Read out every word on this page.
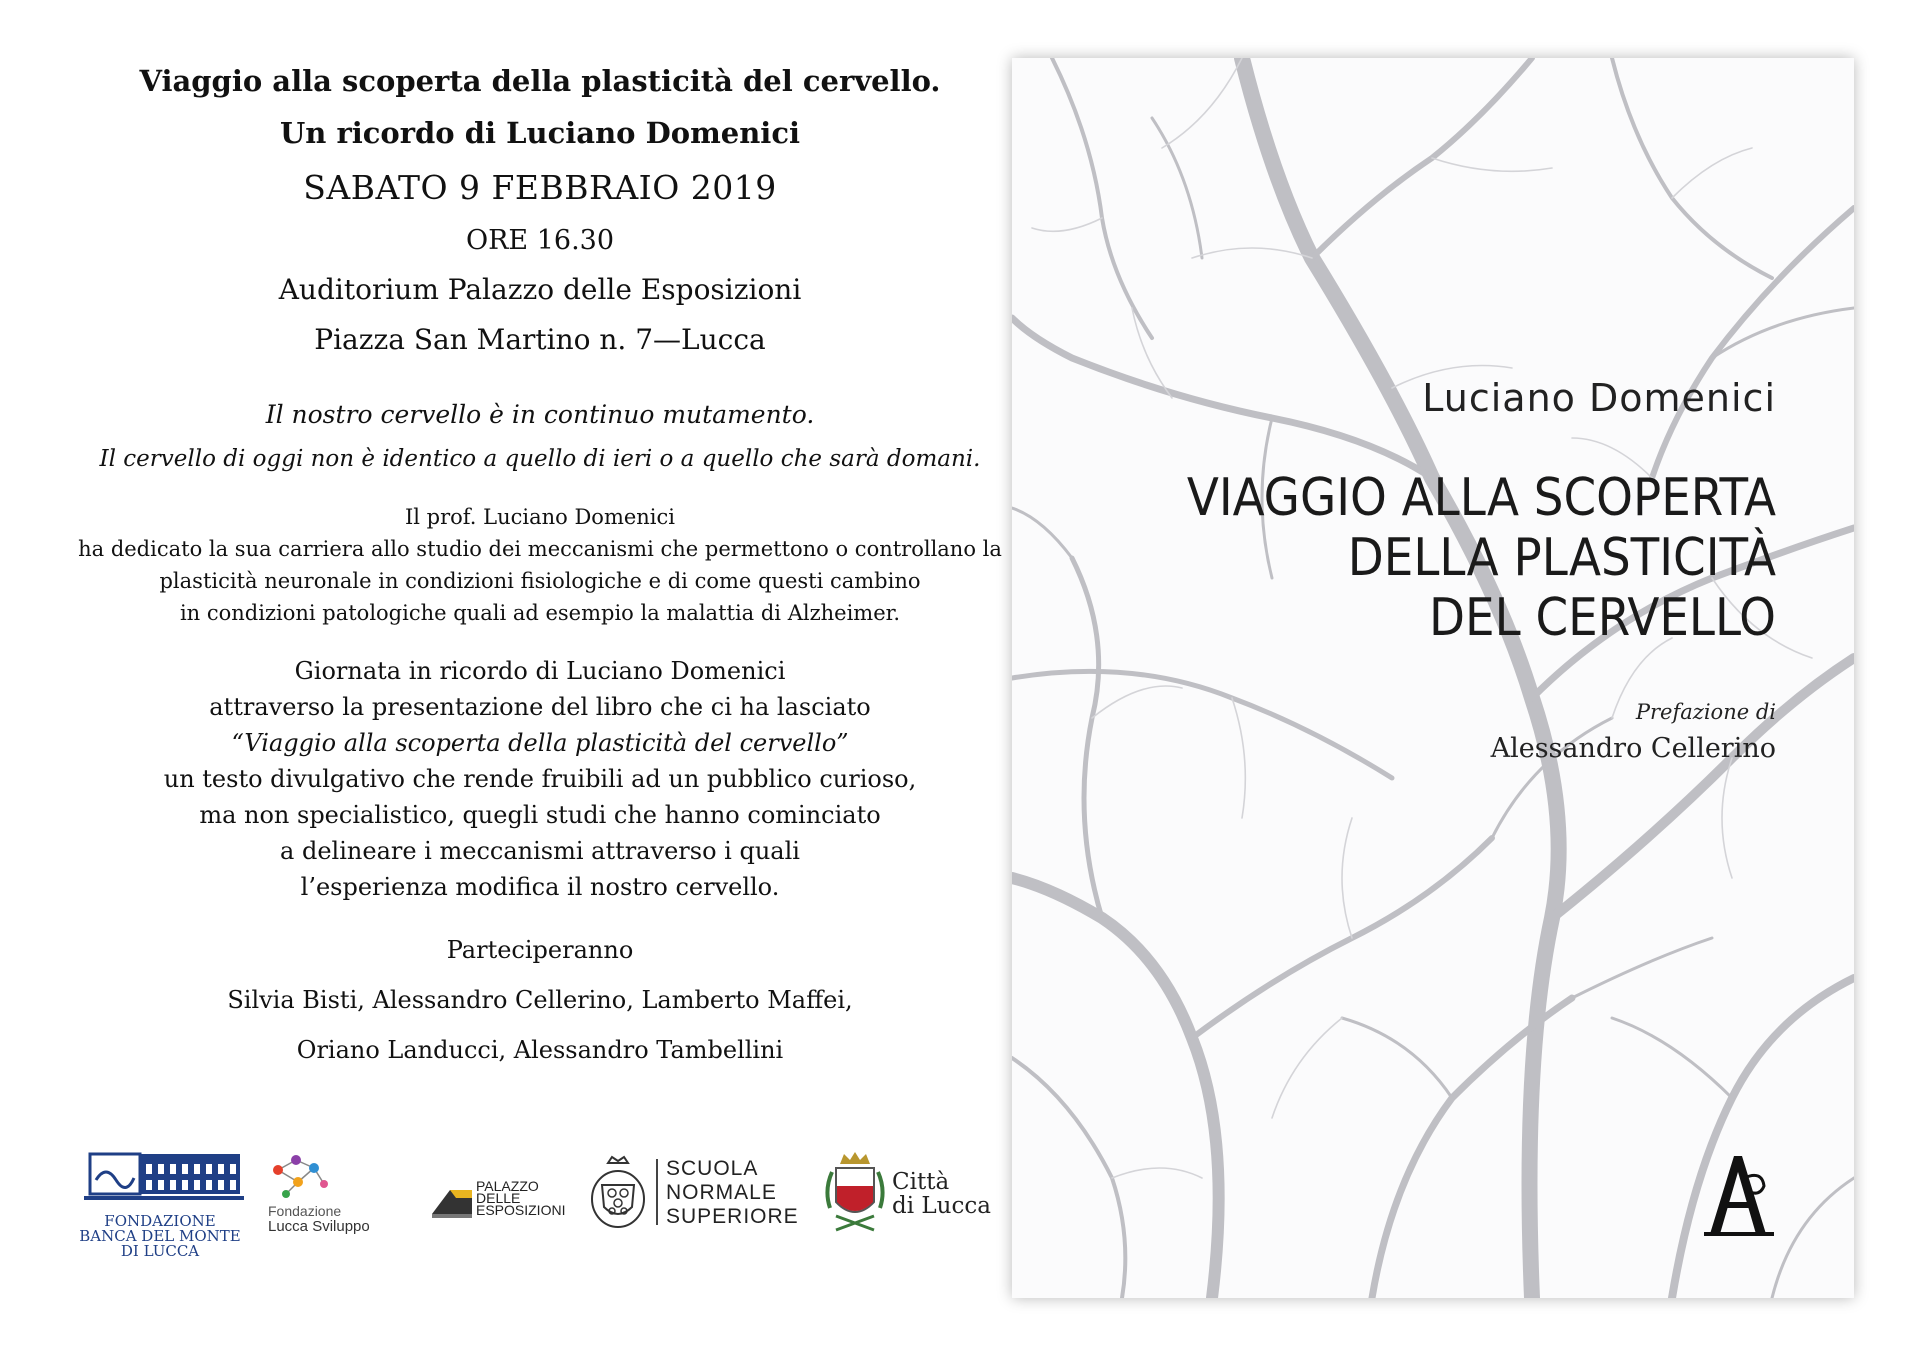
Viaggio alla scoperta della plasticità del cervello.
Un ricordo di Luciano Domenici
SABATO 9 FEBBRAIO 2019
ORE 16.30
Auditorium Palazzo delle Esposizioni
Piazza San Martino n. 7—Lucca
Il nostro cervello è in continuo mutamento.
Il cervello di oggi non è identico a quello di ieri o a quello che sarà domani.
Il prof. Luciano Domenici
ha dedicato la sua carriera allo studio dei meccanismi che permettono o controllano la
plasticità neuronale in condizioni fisiologiche e di come questi cambino
in condizioni patologiche quali ad esempio la malattia di Alzheimer.
Giornata in ricordo di Luciano Domenici
attraverso la presentazione del libro che ci ha lasciato
“Viaggio alla scoperta della plasticità del cervello”
un testo divulgativo che rende fruibili ad un pubblico curioso,
ma non specialistico, quegli studi che hanno cominciato
a delineare i meccanismi attraverso i quali
l’esperienza modifica il nostro cervello.
Parteciperanno
Silvia Bisti, Alessandro Cellerino, Lamberto Maffei,
Oriano Landucci, Alessandro Tambellini
FONDAZIONE
BANCA DEL MONTE
DI LUCCA
Fondazione
Lucca Sviluppo
PALAZZO
DELLE
ESPOSIZIONI
SCUOLA
NORMALE
SUPERIORE
Città
di Lucca
Luciano Domenici
VIAGGIO ALLA SCOPERTA
DELLA PLASTICITÀ
DEL CERVELLO
Prefazione di
Alessandro Cellerino
